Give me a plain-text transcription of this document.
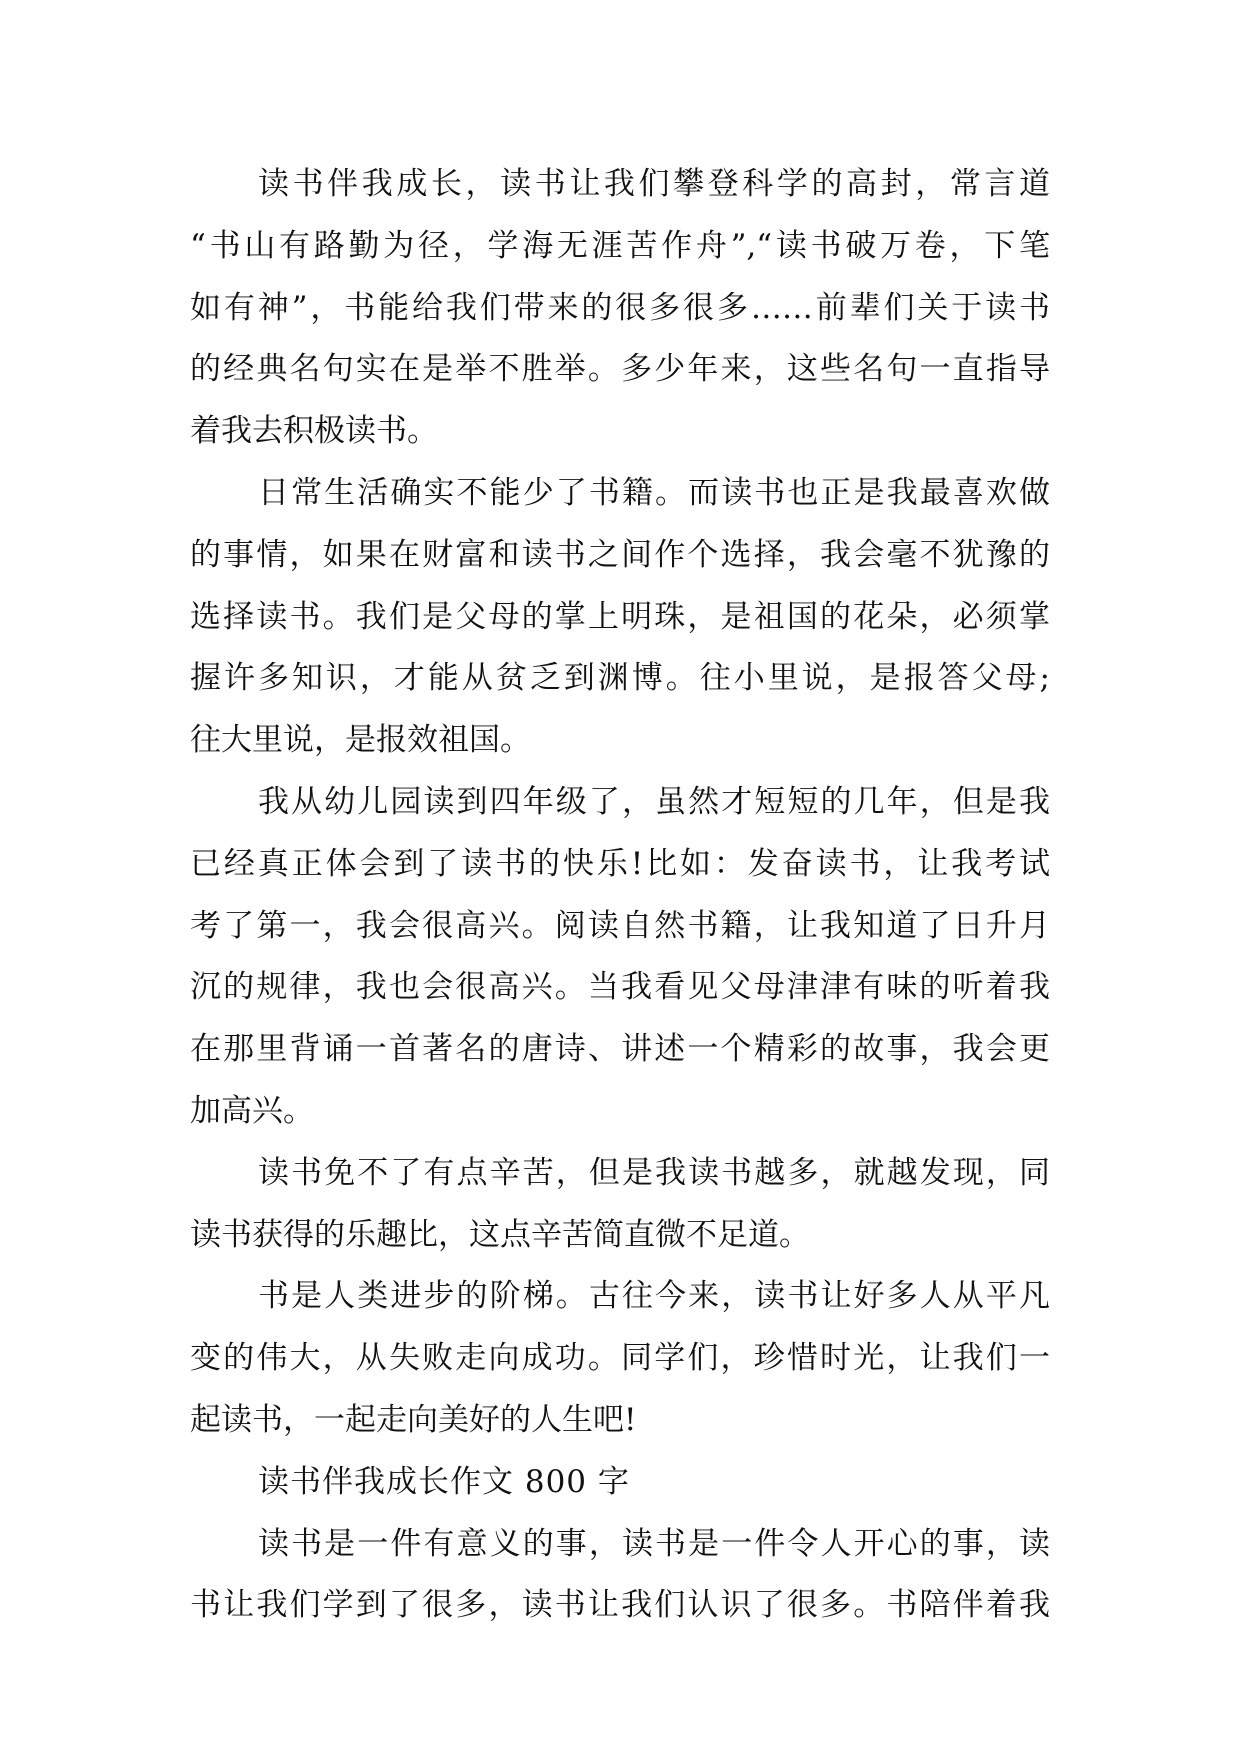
读书伴我成长，读书让我们攀登科学的高封，常言道
“书山有路勤为径，学海无涯苦作舟”,“读书破万卷，下笔
如有神”，书能给我们带来的很多很多……前辈们关于读书
的经典名句实在是举不胜举。多少年来，这些名句一直指导
着我去积极读书。
日常生活确实不能少了书籍。而读书也正是我最喜欢做
的事情，如果在财富和读书之间作个选择，我会毫不犹豫的
选择读书。我们是父母的掌上明珠，是祖国的花朵，必须掌
握许多知识，才能从贫乏到渊博。往小里说，是报答父母;
往大里说，是报效祖国。
我从幼儿园读到四年级了，虽然才短短的几年，但是我
已经真正体会到了读书的快乐!比如：发奋读书，让我考试
考了第一，我会很高兴。阅读自然书籍，让我知道了日升月
沉的规律，我也会很高兴。当我看见父母津津有味的听着我
在那里背诵一首著名的唐诗、讲述一个精彩的故事，我会更
加高兴。
读书免不了有点辛苦，但是我读书越多，就越发现，同
读书获得的乐趣比，这点辛苦简直微不足道。
书是人类进步的阶梯。古往今来，读书让好多人从平凡
变的伟大，从失败走向成功。同学们，珍惜时光，让我们一
起读书，一起走向美好的人生吧!
读书伴我成长作文 800 字
读书是一件有意义的事，读书是一件令人开心的事，读
书让我们学到了很多，读书让我们认识了很多。书陪伴着我
